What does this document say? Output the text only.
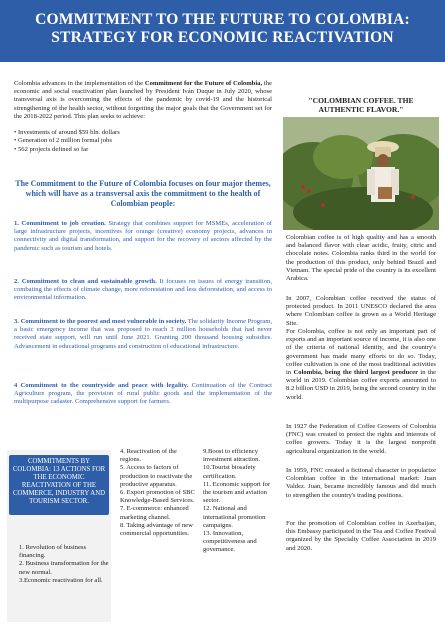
COMMITMENT TO THE FUTURE TO COLOMBIA:
STRATEGY FOR ECONOMIC REACTIVATION
Colombia advances in the implementation of the Commitment for the Future of Colombia, the economic and social reactivation plan launched by President Iván Duque in July 2020, whose transversal axis is overcoming the effects of the pandemic by covid-19 and the historical strengthening of the health sector, without forgetting the major goals that the Government set for the 2018-2022 period. This plan seeks to achieve:
• Investments of around $59 bln. dollars
• Generation of 2 million formal jobs
• 562 projects defined so far
The Commitment to the Future of Colombia focuses on four major themes, which will have as a transversal axis the commitment to the health of Colombian people:
1. Commitment to job creation. Strategy that combines support for MSMEs, acceleration of large infrastructure projects, incentives for orange (creative) economy projects, advances in connectivity and digital transformation, and support for the recovery of sectors affected by the pandemic such as tourism and hotels.
2. Commitment to clean and sustainable growth. It focuses on issues of energy transition, combating the effects of climate change, more reforestation and less deforestation, and access to environmental information.
3. Commitment to the poorest and most vulnerable in society. The solidarity Income Program, a basic emergency income that was proposed to reach 3 million households that had never received state support, will run until June 2021. Granting 200 thousand housing subsidies. Advancement in educational programs and construction of educational infrastructure.
4 Commitment to the countryside and peace with legality. Continuation of the Contract Agriculture program, the provision of rural public goods and the implementation of the multipurpose cadaster. Comprehensive support for farmers.
COMMITMENTS BY COLOMBIA: 13 ACTIONS FOR THE ECONOMIC REACTIVATION OF THE COMMERCE, INDUSTRY AND TOURISM SECTOR.
1. Revolution of business financing.
2. Business transformation for the new normal.
3.Economic reactivation for all.
4. Reactivation of the regions.
5. Access to factors of production to reactivate the productive apparatus.
6. Export promotion of SBC Knowledge-Based Services.
7. E-commerce: enhanced marketing channel.
8. Taking advantage of new commercial opportunities.
9.Boost to efficiency investment attraction.
10.Tourist biosafety certification.
11. Economic support for the tourism and aviation sector.
12. National and international promotion campaigns.
13. Innovation, competitiveness and governance.
"COLOMBIAN COFFEE. THE AUTHENTIC FLAVOR."
Colombian coffee is of high quality and has a smooth and balanced flavor with clear acidic, fruity, citric and chocolate notes. Colombia ranks third in the world for the production of this product, only behind Brazil and Vietnam. The special pride of the country is its excellent Arabica.
In 2007, Colombian coffee received the status of protected product. In 2011 UNESCO declared the area where Colombian coffee is grown as a World Heritage Site.
For Colombia, coffee is not only an important part of exports and an important source of income, it is also one of the criteria of national identity, and the country's government has made many efforts to do so. Today, coffee cultivation is one of the most traditional activities in Colombia, being the third largest producer in the world in 2019. Colombian coffee exports amounted to 8.2 billion USD in 2019, being the second country in the world.
In 1927 the Federation of Coffee Growers of Colombia (FNC) was created to protect the rights and interests of coffee growers. Today it is the largest nonprofit agricultural organization in the world.
In 1959, FNC created a fictional character to popularize Colombian coffee in the international market: Juan Valdez. Juan, became incredibly famous and did much to strengthen the country's trading positions.
For the promotion of Colombian coffee in Azerbaijan, this Embassy participated in the Tea and Coffee Festival organized by the Specialty Coffee Association in 2019 and 2020.
